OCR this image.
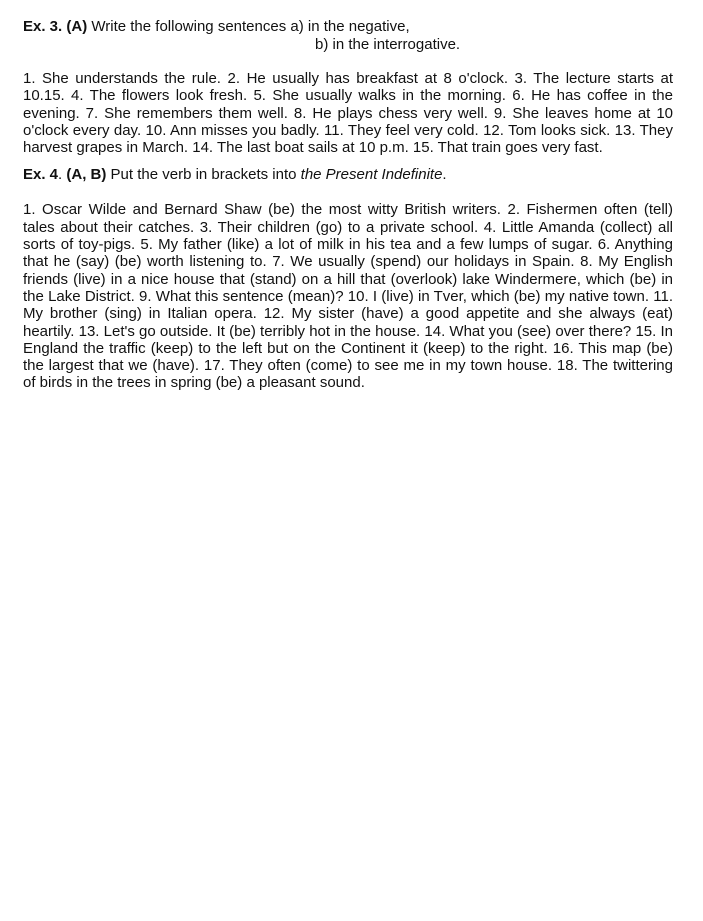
Ex. 3. (A) Write the following sentences a) in the negative,

b) in the interrogative.

1. She understands the rule. 2. He usually has breakfast at 8 o'clock. 3. The lecture starts at 10.15. 4. The flowers look fresh. 5. She usually walks in the morning. 6. He has coffee in the evening. 7. She remembers them well. 8. He plays chess very well. 9. She leaves home at 10 o'clock every day. 10. Ann misses you badly. 11. They feel very cold. 12. Tom looks sick. 13. They harvest grapes in March. 14. The last boat sails at 10 p.m. 15. That train goes very fast.

Ex. 4. (A, B) Put the verb in brackets into the Present Indefinite.

1. Oscar Wilde and Bernard Shaw (be) the most witty British writers. 2. Fishermen often (tell) tales about their catches. 3. Their children (go) to a private school. 4. Little Amanda (collect) all sorts of toy-pigs. 5. My father (like) a lot of milk in his tea and a few lumps of sugar. 6. Anything that he (say) (be) worth listening to. 7. We usually (spend) our holidays in Spain. 8. My English friends (live) in a nice house that (stand) on a hill that (overlook) lake Windermere, which (be) in the Lake District. 9. What this sentence (mean)? 10. I (live) in Tver, which (be) my native town. 11. My brother (sing) in Italian opera. 12. My sister (have) a good appetite and she always (eat) heartily. 13. Let's go outside. It (be) terribly hot in the house. 14. What you (see) over there? 15. In England the traffic (keep) to the left but on the Continent it (keep) to the right. 16. This map (be) the largest that we (have). 17. They often (come) to see me in my town house. 18. The twittering of birds in the trees in spring (be) a pleasant sound.
